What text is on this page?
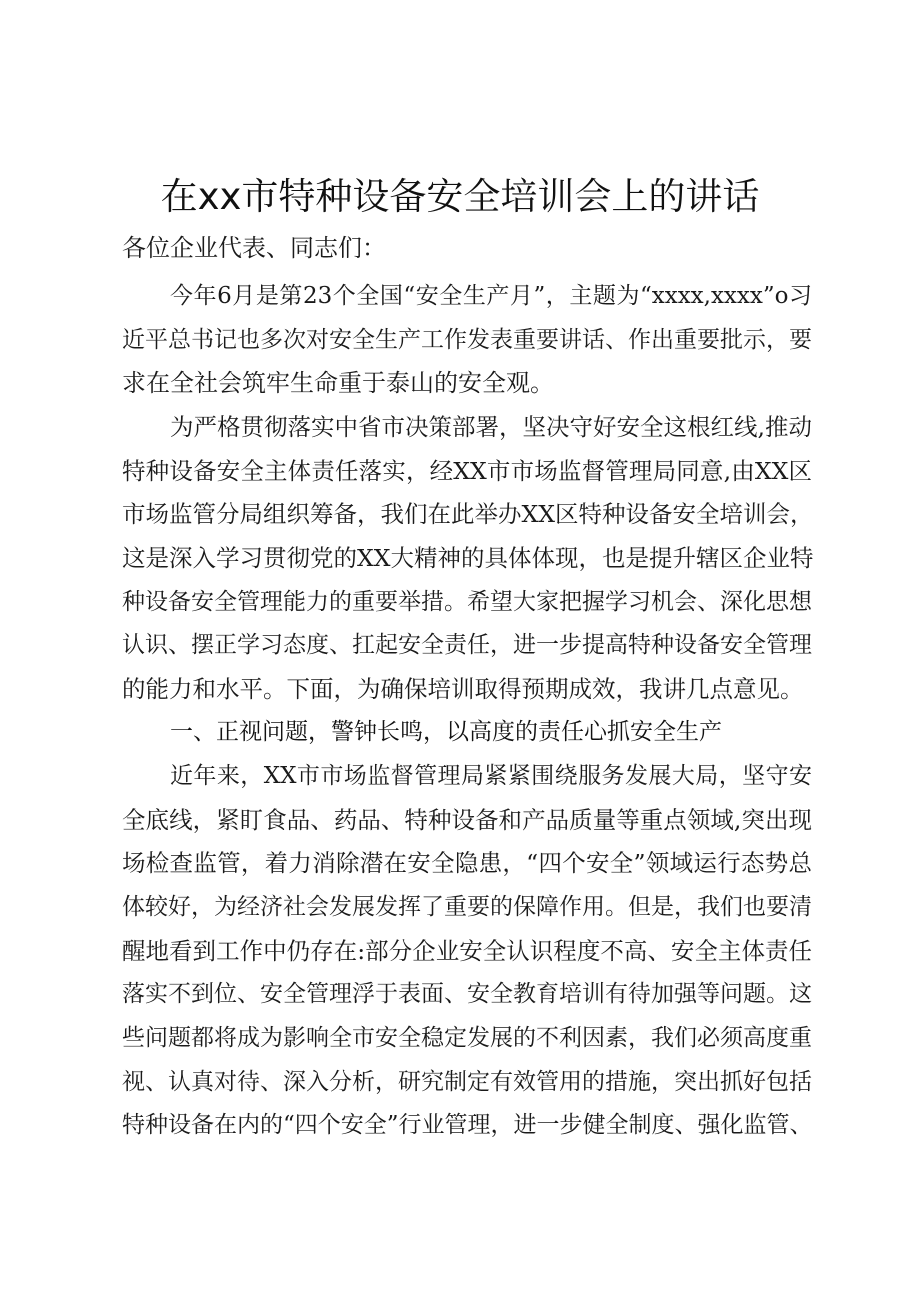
在xx市特种设备安全培训会上的讲话
各位企业代表、同志们：
今年6月是第23个全国“安全生产月”，主题为“xxxx,xxxx”o习
近平总书记也多次对安全生产工作发表重要讲话、作出重要批示，要
求在全社会筑牢生命重于泰山的安全观。
为严格贯彻落实中省市决策部署，坚决守好安全这根红线,推动
特种设备安全主体责任落实，经XX市市场监督管理局同意,由XX区
市场监管分局组织筹备，我们在此举办XX区特种设备安全培训会，
这是深入学习贯彻党的XX大精神的具体体现，也是提升辖区企业特
种设备安全管理能力的重要举措。希望大家把握学习机会、深化思想
认识、摆正学习态度、扛起安全责任，进一步提高特种设备安全管理
的能力和水平。下面，为确保培训取得预期成效，我讲几点意见。
一、正视问题，警钟长鸣，以高度的责任心抓安全生产
近年来，XX市市场监督管理局紧紧围绕服务发展大局，坚守安
全底线，紧盯食品、药品、特种设备和产品质量等重点领域,突出现
场检查监管，着力消除潜在安全隐患，“四个安全”领域运行态势总
体较好，为经济社会发展发挥了重要的保障作用。但是，我们也要清
醒地看到工作中仍存在:部分企业安全认识程度不高、安全主体责任
落实不到位、安全管理浮于表面、安全教育培训有待加强等问题。这
些问题都将成为影响全市安全稳定发展的不利因素，我们必须高度重
视、认真对待、深入分析，研究制定有效管用的措施，突出抓好包括
特种设备在内的“四个安全”行业管理，进一步健全制度、强化监管、
